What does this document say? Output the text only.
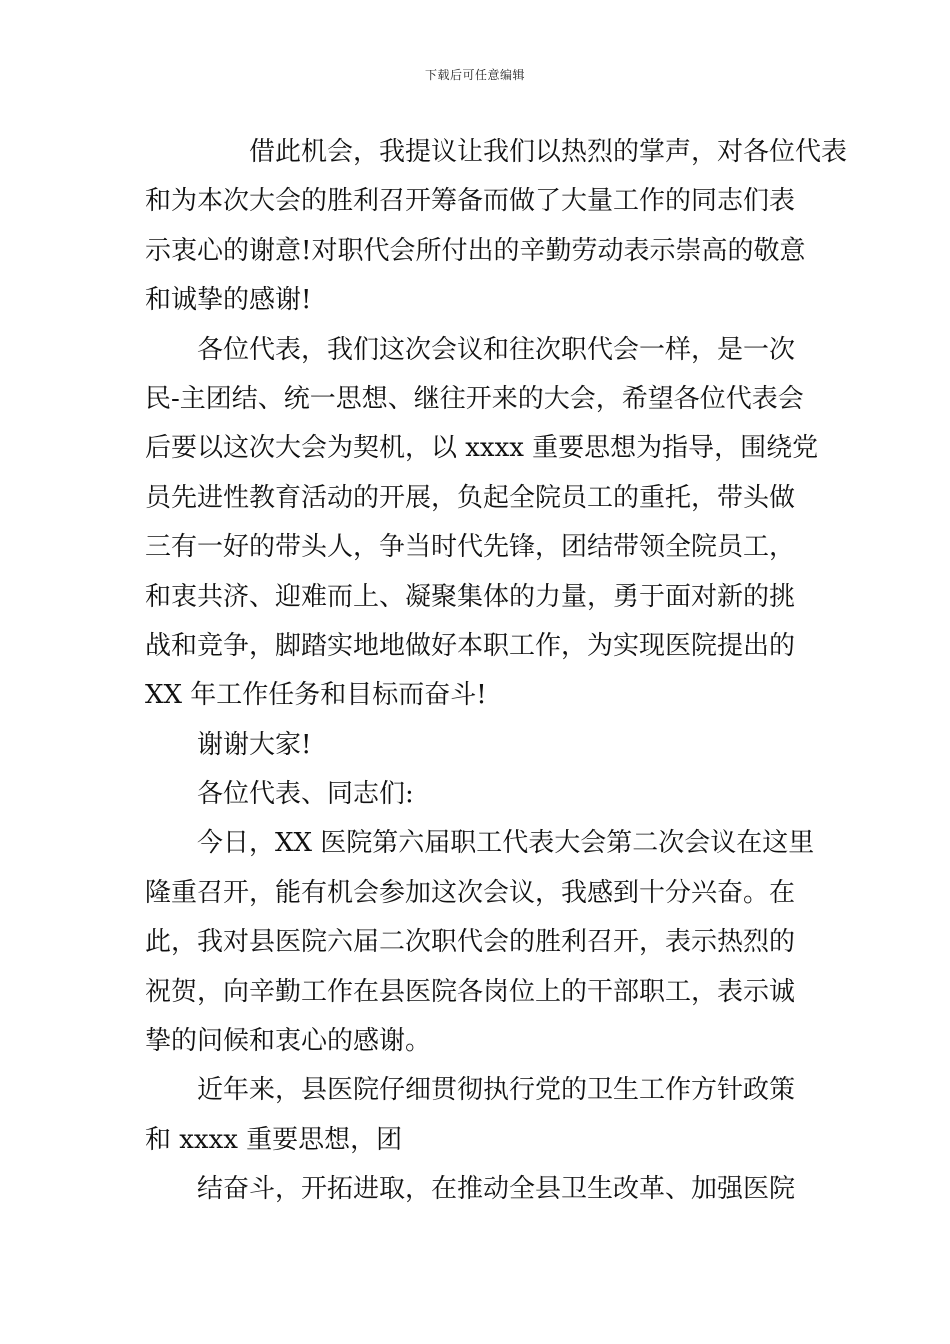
下载后可任意编辑
借此机会，我提议让我们以热烈的掌声，对各位代表
和为本次大会的胜利召开筹备而做了大量工作的同志们表
示衷心的谢意!对职代会所付出的辛勤劳动表示崇高的敬意
和诚挚的感谢!
各位代表，我们这次会议和往次职代会一样，是一次
民-主团结、统一思想、继往开来的大会，希望各位代表会
后要以这次大会为契机，以 xxxx 重要思想为指导，围绕党
员先进性教育活动的开展，负起全院员工的重托，带头做
三有一好的带头人，争当时代先锋，团结带领全院员工，
和衷共济、迎难而上、凝聚集体的力量，勇于面对新的挑
战和竞争，脚踏实地地做好本职工作，为实现医院提出的
XX 年工作任务和目标而奋斗!
谢谢大家!
各位代表、同志们:
今日，XX 医院第六届职工代表大会第二次会议在这里
隆重召开，能有机会参加这次会议，我感到十分兴奋。在
此，我对县医院六届二次职代会的胜利召开，表示热烈的
祝贺，向辛勤工作在县医院各岗位上的干部职工，表示诚
挚的问候和衷心的感谢。
近年来，县医院仔细贯彻执行党的卫生工作方针政策
和 xxxx 重要思想，团
结奋斗，开拓进取，在推动全县卫生改革、加强医院
